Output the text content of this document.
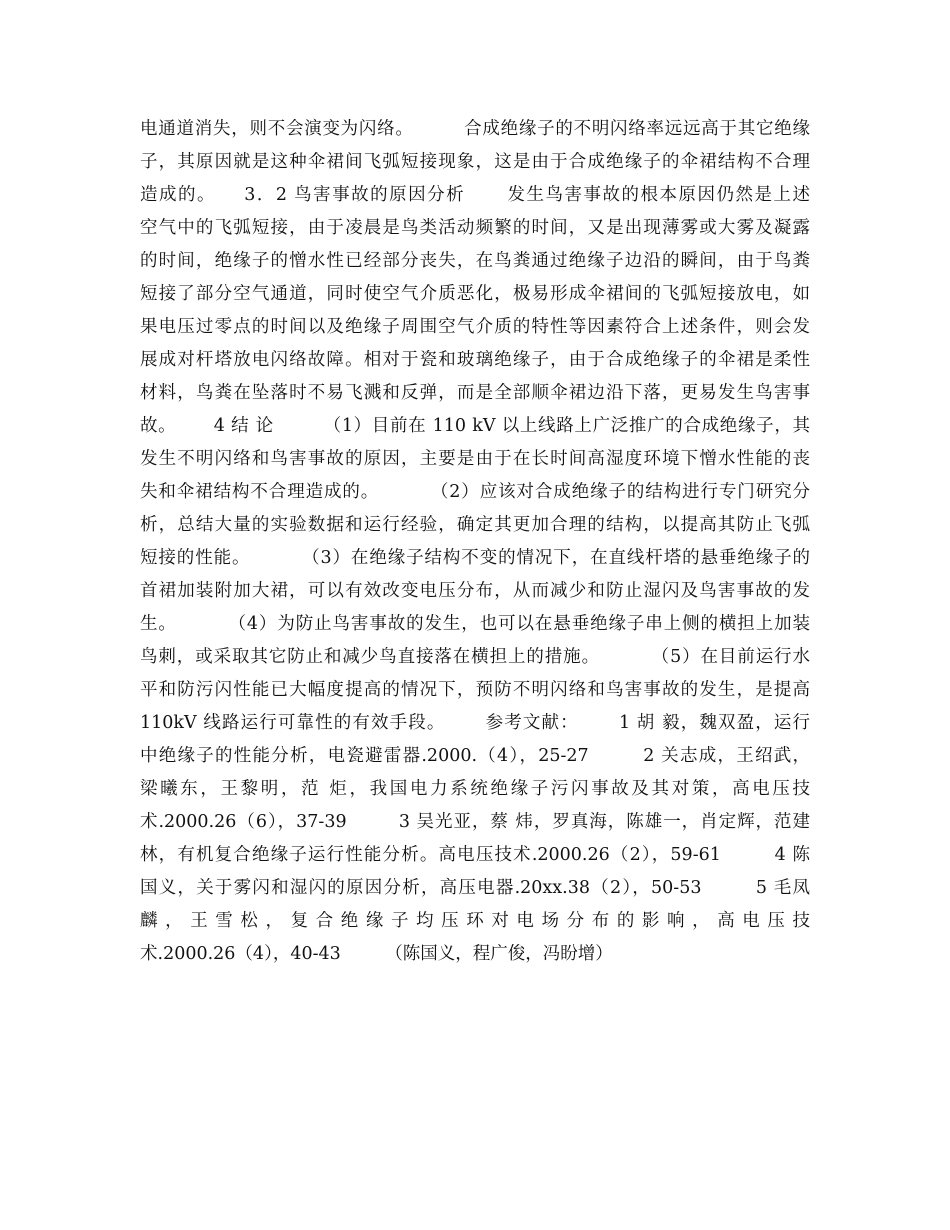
电通道消失，则不会演变为闪络。        合成绝缘子的不明闪络率远远高于其它绝缘
子，其原因就是这种伞裙间飞弧短接现象，这是由于合成绝缘子的伞裙结构不合理
造成的。    3．2 鸟害事故的原因分析      发生鸟害事故的根本原因仍然是上述
空气中的飞弧短接，由于凌晨是鸟类活动频繁的时间，又是出现薄雾或大雾及凝露
的时间，绝缘子的憎水性已经部分丧失，在鸟粪通过绝缘子边沿的瞬间，由于鸟粪
短接了部分空气通道，同时使空气介质恶化，极易形成伞裙间的飞弧短接放电，如
果电压过零点的时间以及绝缘子周围空气介质的特性等因素符合上述条件，则会发
展成对杆塔放电闪络故障。相对于瓷和玻璃绝缘子，由于合成绝缘子的伞裙是柔性
材料，鸟粪在坠落时不易飞溅和反弹，而是全部顺伞裙边沿下落，更易发生鸟害事
故。      4 结 论        （1）目前在 110 kV 以上线路上广泛推广的合成绝缘子，其
发生不明闪络和鸟害事故的原因，主要是由于在长时间高湿度环境下憎水性能的丧
失和伞裙结构不合理造成的。        （2）应该对合成绝缘子的结构进行专门研究分
析，总结大量的实验数据和运行经验，确定其更加合理的结构，以提高其防止飞弧
短接的性能。        （3）在绝缘子结构不变的情况下，在直线杆塔的悬垂绝缘子的
首裙加装附加大裙，可以有效改变电压分布，从而减少和防止湿闪及鸟害事故的发
生。        （4）为防止鸟害事故的发生，也可以在悬垂绝缘子串上侧的横担上加装
鸟刺，或采取其它防止和减少鸟直接落在横担上的措施。        （5）在目前运行水
平和防污闪性能已大幅度提高的情况下，预防不明闪络和鸟害事故的发生，是提高
110kV 线路运行可靠性的有效手段。      参考文献：      1 胡 毅，魏双盈，运行
中绝缘子的性能分析，电瓷避雷器.2000.（4），25-27        2 关志成，王绍武，
梁曦东，王黎明，范 炬，我国电力系统绝缘子污闪事故及其对策，高电压技
术.2000.26（6），37-39        3 吴光亚，蔡 炜，罗真海，陈雄一，肖定辉，范建
林，有机复合绝缘子运行性能分析。高电压技术.2000.26（2），59-61        4 陈
国义，关于雾闪和湿闪的原因分析，高压电器.20xx.38（2），50-53        5 毛凤
麟 ， 王 雪 松 ， 复 合 绝 缘 子 均 压 环 对 电 场 分 布 的 影 响 ， 高 电 压 技
术.2000.26（4），40-43        （陈国义，程广俊，冯盼增）
